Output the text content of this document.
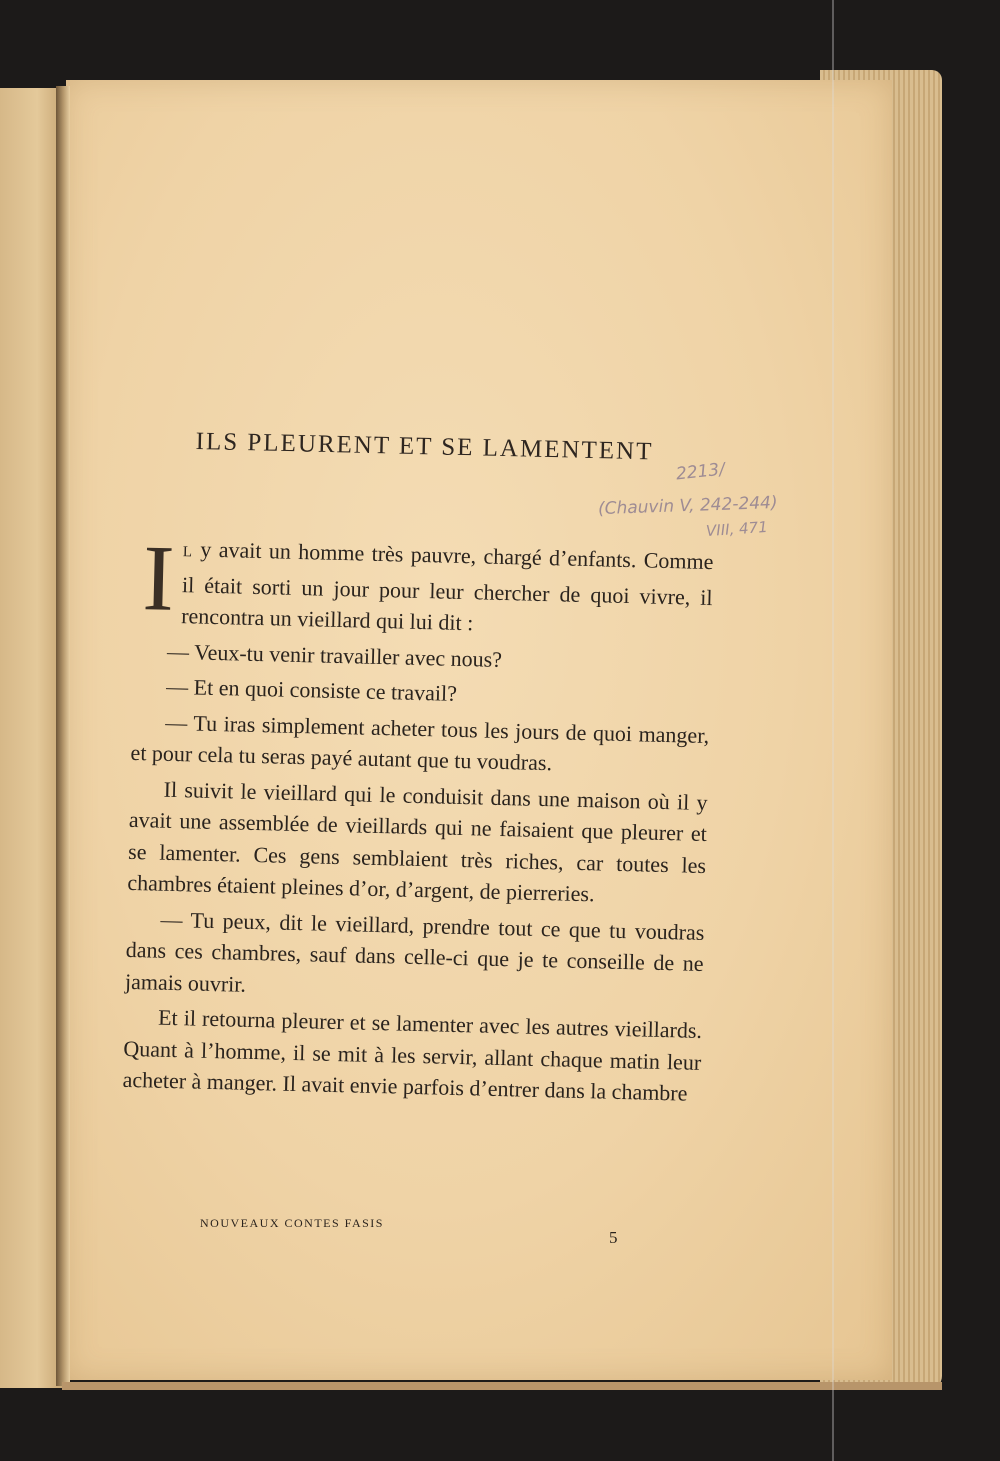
ILS PLEURENT ET SE LAMENTENT
2213/
(Chauvin V, 242-244)
VIII, 471

I L y avait un homme très pauvre, chargé d’enfants. Comme il était sorti un jour pour leur chercher de quoi vivre, il rencontra un vieillard qui lui dit :

— Veux-tu venir travailler avec nous?

— Et en quoi consiste ce travail?

— Tu iras simplement acheter tous les jours de quoi manger, et pour cela tu seras payé autant que tu voudras.

Il suivit le vieillard qui le conduisit dans une maison où il y avait une assemblée de vieillards qui ne faisaient que pleurer et se lamenter. Ces gens semblaient très riches, car toutes les chambres étaient pleines d’or, d’argent, de pierreries.

— Tu peux, dit le vieillard, prendre tout ce que tu voudras dans ces chambres, sauf dans celle-ci que je te conseille de ne jamais ouvrir.

Et il retourna pleurer et se lamenter avec les autres vieillards. Quant à l’homme, il se mit à les servir, allant chaque matin leur acheter à manger. Il avait envie parfois d’entrer dans la chambre

NOUVEAUX CONTES FASIS
5
